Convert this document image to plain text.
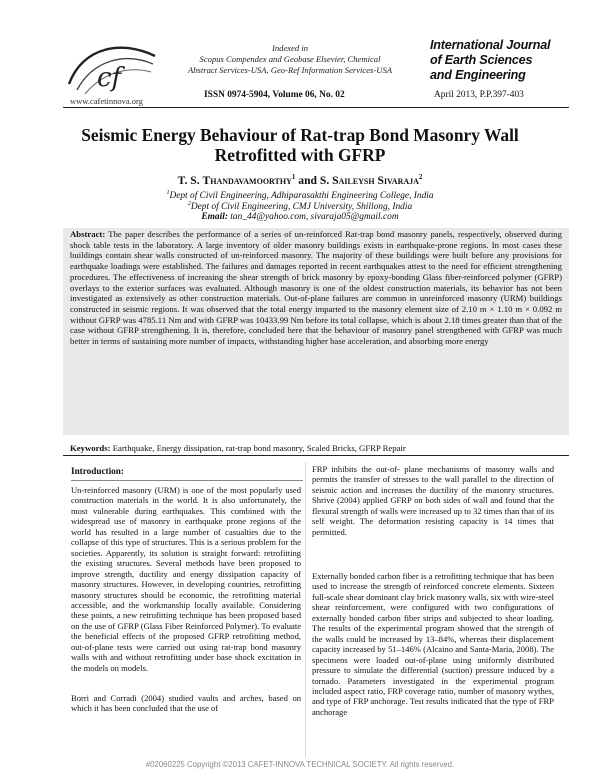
cf
www.cafetinnova.org
Indexed in
Scopus Compendex and Geobase Elsevier, Chemical
Abstract Services-USA, Geo-Ref Information Services-USA
International Journal
of Earth Sciences
and Engineering
ISSN 0974-5904, Volume 06, No. 02	April 2013, P.P.397-403
Seismic Energy Behaviour of Rat-trap Bond Masonry Wall
Retrofitted with GFRP
T. S. Thandavamoorthy$^1$ and S. Saileysh Sivaraja$^2$
$^1$Dept of Civil Engineering, Adhiparasakthi Engineering College, India
$^2$Dept of Civil Engineering, CMJ University, Shillong, India
Email: tan_44@yahoo.com, sivaraja05@gmail.com
Abstract: The paper describes the performance of a series of un-reinforced Rat-trap bond masonry panels, respectively, observed during shock table tests in the laboratory. A large inventory of older masonry buildings exists in earthquake-prone regions. In most cases these buildings contain shear walls constructed of un-reinforced masonry. The majority of these buildings were built before any provisions for earthquake loadings were established. The failures and damages reported in recent earthquakes attest to the need for efficient strengthening procedures. The effectiveness of increasing the shear strength of brick masonry by epoxy-bonding Glass fiber-reinforced polymer (GFRP) overlays to the exterior surfaces was evaluated. Although masonry is one of the oldest construction materials, its behavior has not been investigated as extensively as other construction materials. Out-of-plane failures are common in unreinforced masonry (URM) buildings constructed in seismic regions. It was observed that the total energy imparted to the masonry element size of 2.10 m × 1.10 m × 0.092 m without GFRP was 4785.11 Nm and with GFRP was 10433.99 Nm before its total collapse, which is about 2.18 times greater than that of the case without GFRP strengthening. It is, therefore, concluded here that the behaviour of masonry panel strengthened with GFRP was much better in terms of sustaining more number of impacts, withstanding higher base acceleration, and absorbing more energy
Keywords: Earthquake, Energy dissipation, rat-trap bond masonry, Scaled Bricks, GFRP Repair
Introduction:
Un-reinforced masonry (URM) is one of the most popularly used construction materials in the world. It is also unfortunately, the most vulnerable during earthquakes. This combined with the widespread use of masonry in earthquake prone regions of the world has resulted in a large number of casualties due to the collapse of this type of structures. This is a serious problem for the societies. Apparently, its solution is straight forward: retrofitting the existing structures. Several methods have been proposed to improve strength, ductility and energy dissipation capacity of masonry structures. However, in developing countries, retrofitting masonry structures should be economic, the retrofitting material accessible, and the workmanship locally available. Considering these points, a new retrofitting technique has been proposed based on the use of GFRP (Glass Fiber Reinforced Polymer). To evaluate the beneficial effects of the proposed GFRP retrofitting method, out-of-plane tests were carried out using rat-trap bond masonry walls with and without retrofitting under base shock excitation in the models on models.
Borri and Corradi (2004) studied vaults and arches, based on which it has been concluded that the use of
FRP inhibits the out-of- plane mechanisms of masonry walls and permits the transfer of stresses to the wall parallel to the direction of seismic action and increases the ductility of the masonry structures. Shrive (2004) applied GFRP on both sides of wall and found that the flexural strength of walls were increased up to 32 times than that of its self weight. The deformation resisting capacity is 14 times that permitted.
Externally bonded carbon fiber is a retrofitting technique that has been used to increase the strength of reinforced concrete elements. Sixteen full-scale shear dominant clay brick masonry walls, six with wire-steel shear reinforcement, were configured with two configurations of externally bonded carbon fiber strips and subjected to shear loading. The results of the experimental program showed that the strength of the walls could be increased by 13–84%, whereas their displacement capacity increased by 51–146% (Alcaino and Santa-Maria, 2008). The specimens were loaded out-of-plane using uniformly distributed pressure to simulate the differential (suction) pressure induced by a tornado. Parameters investigated in the experimental program included aspect ratio, FRP coverage ratio, number of masonry wythes, and type of FRP anchorage. Test results indicated that the type of FRP anchorage
#02060225 Copyright ©2013 CAFET-INNOVA TECHNICAL SOCIETY. All rights reserved.
